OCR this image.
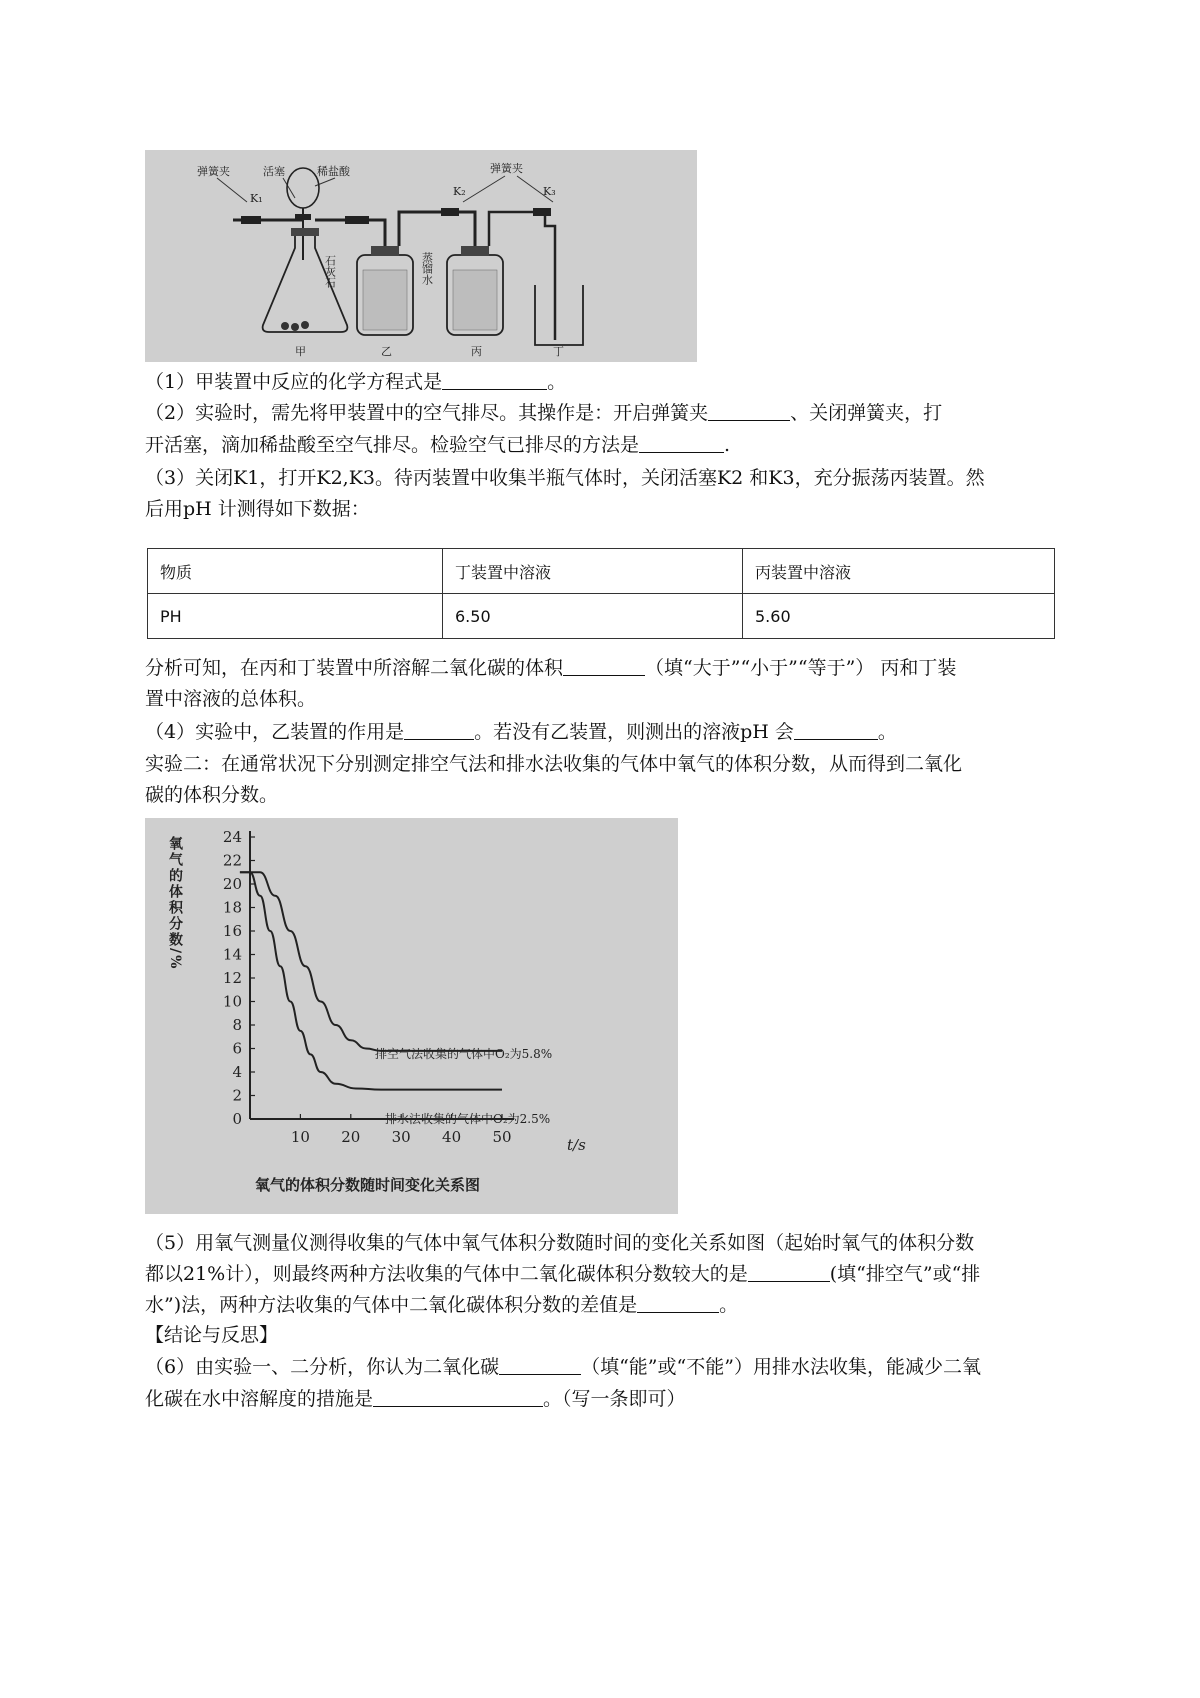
弹簧夹	活塞	稀盐酸	弹簧夹
K₁
K₂	K₃
石灰石	蒸馏水
甲	乙	丙	丁
（1）甲装置中反应的化学方程式是	。
（2）实验时，需先将甲装置中的空气排尽。其操作是：开启弹簧夹	、关闭弹簧夹，打
开活塞，滴加稀盐酸至空气排尽。检验空气已排尽的方法是	.
（3）关闭K1，打开K2,K3。待丙装置中收集半瓶气体时，关闭活塞K2 和K3，充分振荡丙装置。然
后用pH 计测得如下数据：
物质	丁装置中溶液	丙装置中溶液
PH	6.50	5.60
分析可知，在丙和丁装置中所溶解二氧化碳的体积	（填“大于”“小于”“等于”） 丙和丁装
置中溶液的总体积。
（4）实验中，乙装置的作用是	。若没有乙装置，则测出的溶液pH 会	。
实验二：在通常状况下分别测定排空气法和排水法收集的气体中氧气的体积分数，从而得到二氧化
碳的体积分数。
氧气的体积分数/%
t/s
氧气的体积分数随时间变化关系图
0
2
4
6
8
10
12
14
16
18
20
22
24
10 20 30 40 50
排空气法收集的气体中O₂为5.8%
排水法收集的气体中O₂为2.5%
（5）用氧气测量仪测得收集的气体中氧气体积分数随时间的变化关系如图（起始时氧气的体积分数
都以21%计），则最终两种方法收集的气体中二氧化碳体积分数较大的是	(填“排空气”或“排
水”)法，两种方法收集的气体中二氧化碳体积分数的差值是	。
【结论与反思】
（6）由实验一、二分析，你认为二氧化碳	（填“能”或“不能”）用排水法收集，能减少二氧
化碳在水中溶解度的措施是	。（写一条即可）
